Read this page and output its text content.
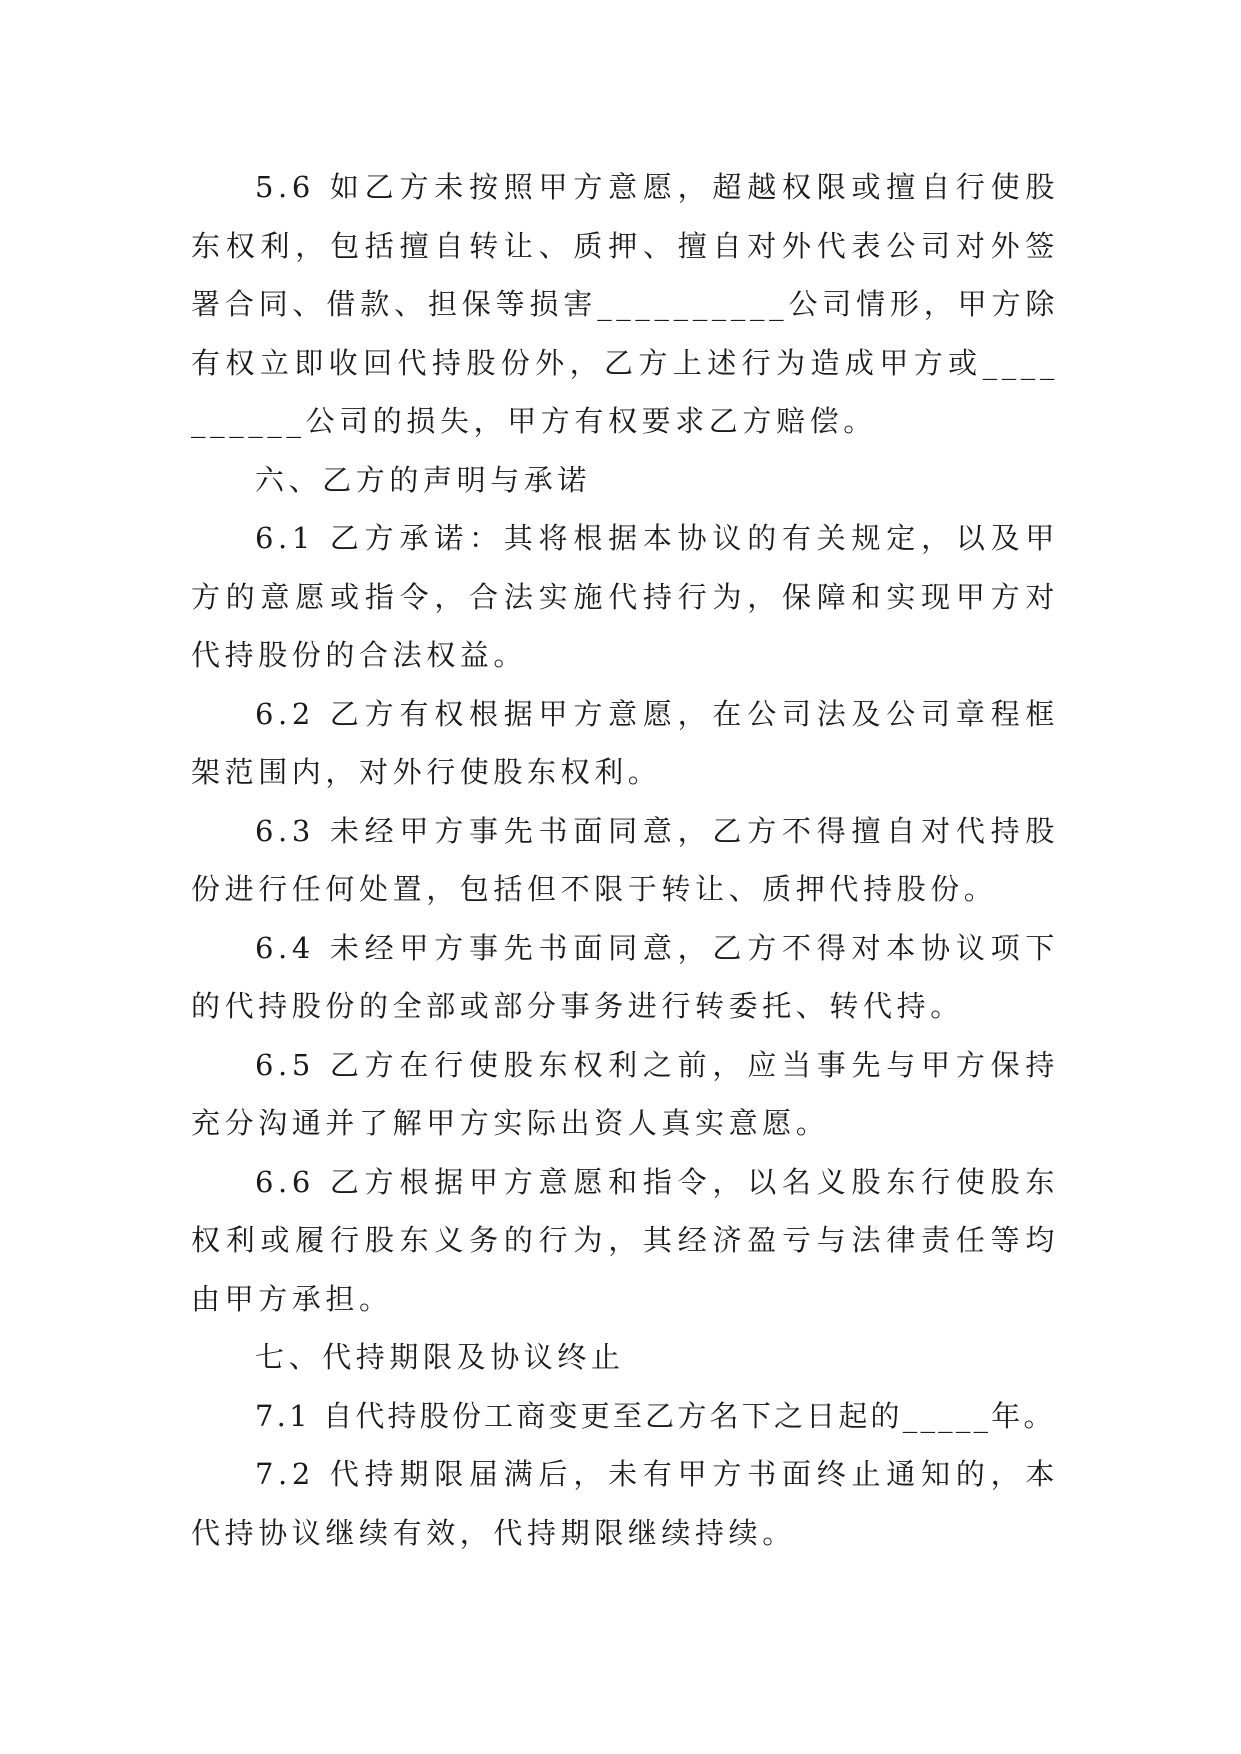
5.6 如乙方未按照甲方意愿，超越权限或擅自行使股东权利，包括擅自转让、质押、擅自对外代表公司对外签署合同、借款、担保等损害__________公司情形，甲方除有权立即收回代持股份外，乙方上述行为造成甲方或__________公司的损失，甲方有权要求乙方赔偿。

六、乙方的声明与承诺

6.1 乙方承诺：其将根据本协议的有关规定，以及甲方的意愿或指令，合法实施代持行为，保障和实现甲方对代持股份的合法权益。

6.2 乙方有权根据甲方意愿，在公司法及公司章程框架范围内，对外行使股东权利。

6.3 未经甲方事先书面同意，乙方不得擅自对代持股份进行任何处置，包括但不限于转让、质押代持股份。

6.4 未经甲方事先书面同意，乙方不得对本协议项下的代持股份的全部或部分事务进行转委托、转代持。

6.5 乙方在行使股东权利之前，应当事先与甲方保持充分沟通并了解甲方实际出资人真实意愿。

6.6 乙方根据甲方意愿和指令，以名义股东行使股东权利或履行股东义务的行为，其经济盈亏与法律责任等均由甲方承担。

七、代持期限及协议终止

7.1 自代持股份工商变更至乙方名下之日起的_____年。

7.2 代持期限届满后，未有甲方书面终止通知的，本代持协议继续有效，代持期限继续持续。
